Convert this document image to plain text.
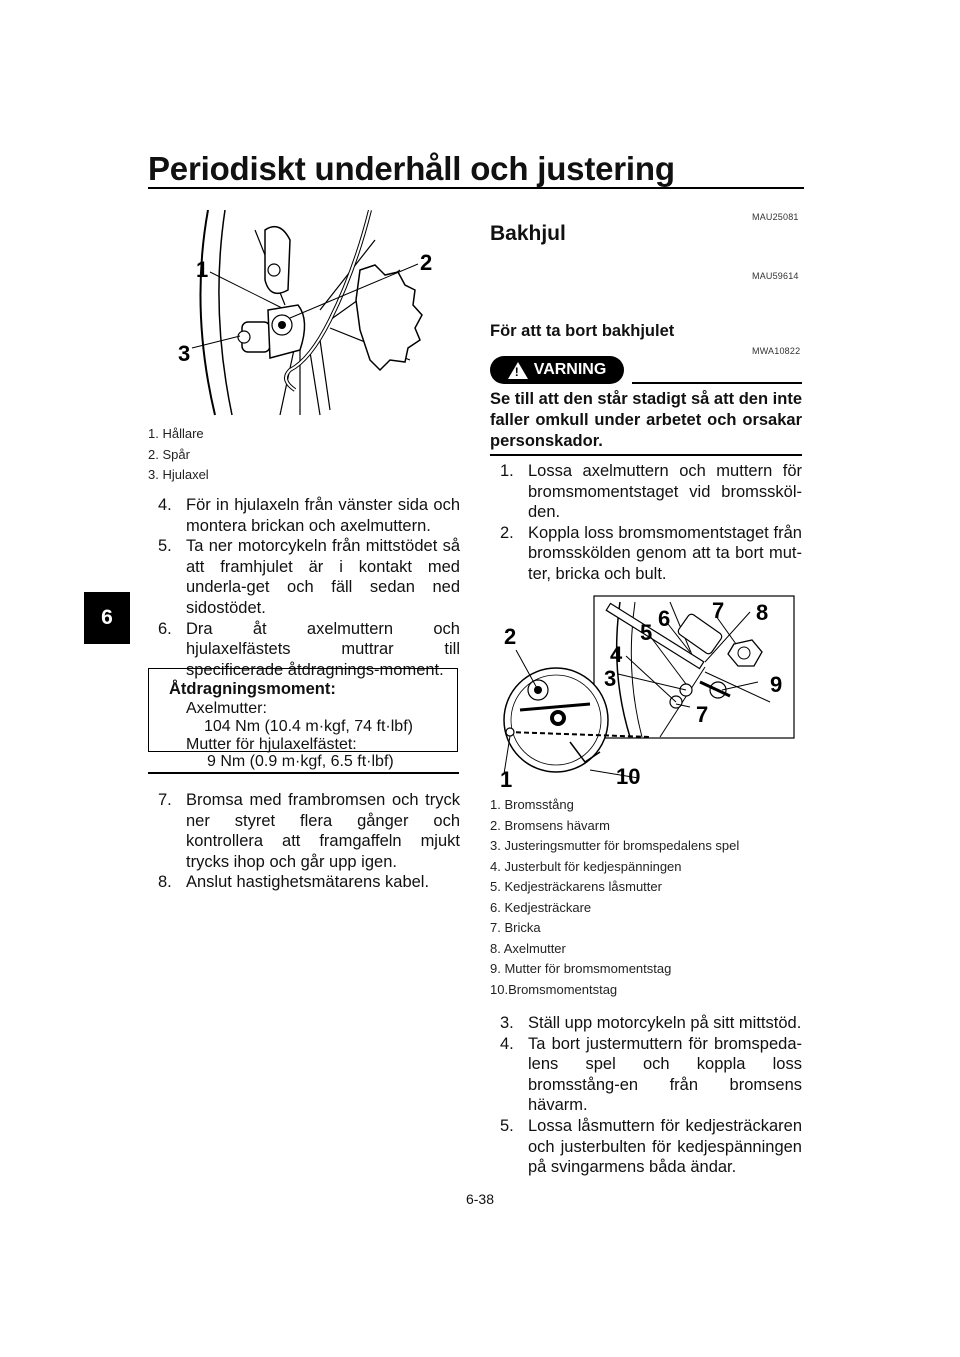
Periodiskt underhåll och justering
6
1	2
3
1. Hållare
2. Spår
3. Hjulaxel
4. För in hjulaxeln från vänster sida och montera brickan och axelmuttern.
5. Ta ner motorcykeln från mittstödet så att framhjulet är i kontakt med underla-get och fäll sedan ned sidostödet.
6. Dra åt axelmuttern och hjulaxelfästets muttrar till specificerade åtdragnings-moment.
Åtdragningsmoment:
Axelmutter:
104 Nm (10.4 m·kgf, 74 ft·lbf)
Mutter för hjulaxelfästet:
9 Nm (0.9 m·kgf, 6.5 ft·lbf)
7. Bromsa med frambromsen och tryck ner styret flera gånger och kontrollera att framgaffeln mjukt trycks ihop och går upp igen.
8. Anslut hastighetsmätarens kabel.
MAU25081
Bakhjul
MAU59614
För att ta bort bakhjulet
MWA10822
! VARNING
Se till att den står stadigt så att den inte faller omkull under arbetet och orsakar personskador.
1. Lossa axelmuttern och muttern för bromsmomentstaget vid bromssköl-den.
2. Koppla loss bromsmomentstaget från bromsskölden genom att ta bort mut-ter, bricka och bult.
1
2
3
4
5
6 7
7
8
9
10
1. Bromsstång
2. Bromsens hävarm
3. Justeringsmutter för bromspedalens spel
4. Justerbult för kedjespänningen
5. Kedjesträckarens låsmutter
6. Kedjesträckare
7. Bricka
8. Axelmutter
9. Mutter för bromsmomentstag
10.Bromsmomentstag
3. Ställ upp motorcykeln på sitt mittstöd.
4. Ta bort justermuttern för bromspeda-lens spel och koppla loss bromsstång-en från bromsens hävarm.
5. Lossa låsmuttern för kedjesträckaren och justerbulten för kedjespänningen på svingarmens båda ändar.
6-38
